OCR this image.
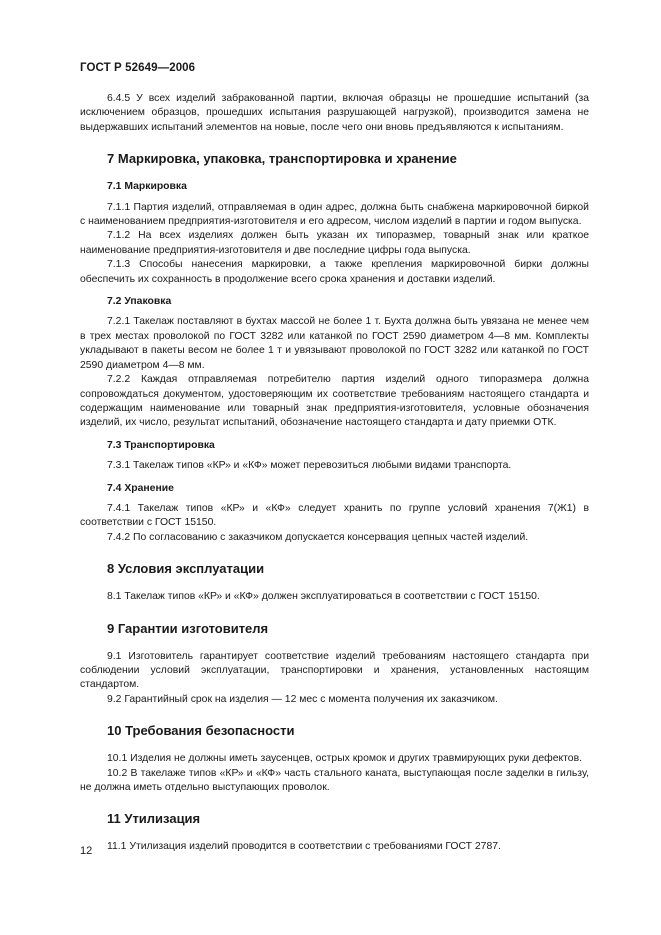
ГОСТ Р 52649—2006

6.4.5 У всех изделий забракованной партии, включая образцы не прошедшие испытаний (за исключением образцов, прошедших испытания разрушающей нагрузкой), производится замена не выдержавших испытаний элементов на новые, после чего они вновь предъявляются к испытаниям.

7 Маркировка, упаковка, транспортировка и хранение
7.1 Маркировка

7.1.1 Партия изделий, отправляемая в один адрес, должна быть снабжена маркировочной биркой с наименованием предприятия-изготовителя и его адресом, числом изделий в партии и годом выпуска.

7.1.2 На всех изделиях должен быть указан их типоразмер, товарный знак или краткое наименование предприятия-изготовителя и две последние цифры года выпуска.

7.1.3 Способы нанесения маркировки, а также крепления маркировочной бирки должны обеспечить их сохранность в продолжение всего срока хранения и доставки изделий.

7.2 Упаковка

7.2.1 Такелаж поставляют в бухтах массой не более 1 т. Бухта должна быть увязана не менее чем в трех местах проволокой по ГОСТ 3282 или катанкой по ГОСТ 2590 диаметром 4—8 мм. Комплекты укладывают в пакеты весом не более 1 т и увязывают проволокой по ГОСТ 3282 или катанкой по ГОСТ 2590 диаметром 4—8 мм.

7.2.2 Каждая отправляемая потребителю партия изделий одного типоразмера должна сопровождаться документом, удостоверяющим их соответствие требованиям настоящего стандарта и содержащим наименование или товарный знак предприятия-изготовителя, условные обозначения изделий, их число, результат испытаний, обозначение настоящего стандарта и дату приемки ОТК.

7.3 Транспортировка

7.3.1 Такелаж типов «КР» и «КФ» может перевозиться любыми видами транспорта.

7.4 Хранение

7.4.1 Такелаж типов «КР» и «КФ» следует хранить по группе условий хранения 7(Ж1) в соответствии с ГОСТ 15150.

7.4.2 По согласованию с заказчиком допускается консервация цепных частей изделий.

8 Условия эксплуатации

8.1 Такелаж типов «КР» и «КФ» должен эксплуатироваться в соответствии с ГОСТ 15150.

9 Гарантии изготовителя

9.1 Изготовитель гарантирует соответствие изделий требованиям настоящего стандарта при соблюдении условий эксплуатации, транспортировки и хранения, установленных настоящим стандартом.

9.2 Гарантийный срок на изделия — 12 мес с момента получения их заказчиком.

10 Требования безопасности

10.1 Изделия не должны иметь заусенцев, острых кромок и других травмирующих руки дефектов.

10.2 В такелаже типов «КР» и «КФ» часть стального каната, выступающая после заделки в гильзу, не должна иметь отдельно выступающих проволок.

11 Утилизация

11.1 Утилизация изделий проводится в соответствии с требованиями ГОСТ 2787.

12
